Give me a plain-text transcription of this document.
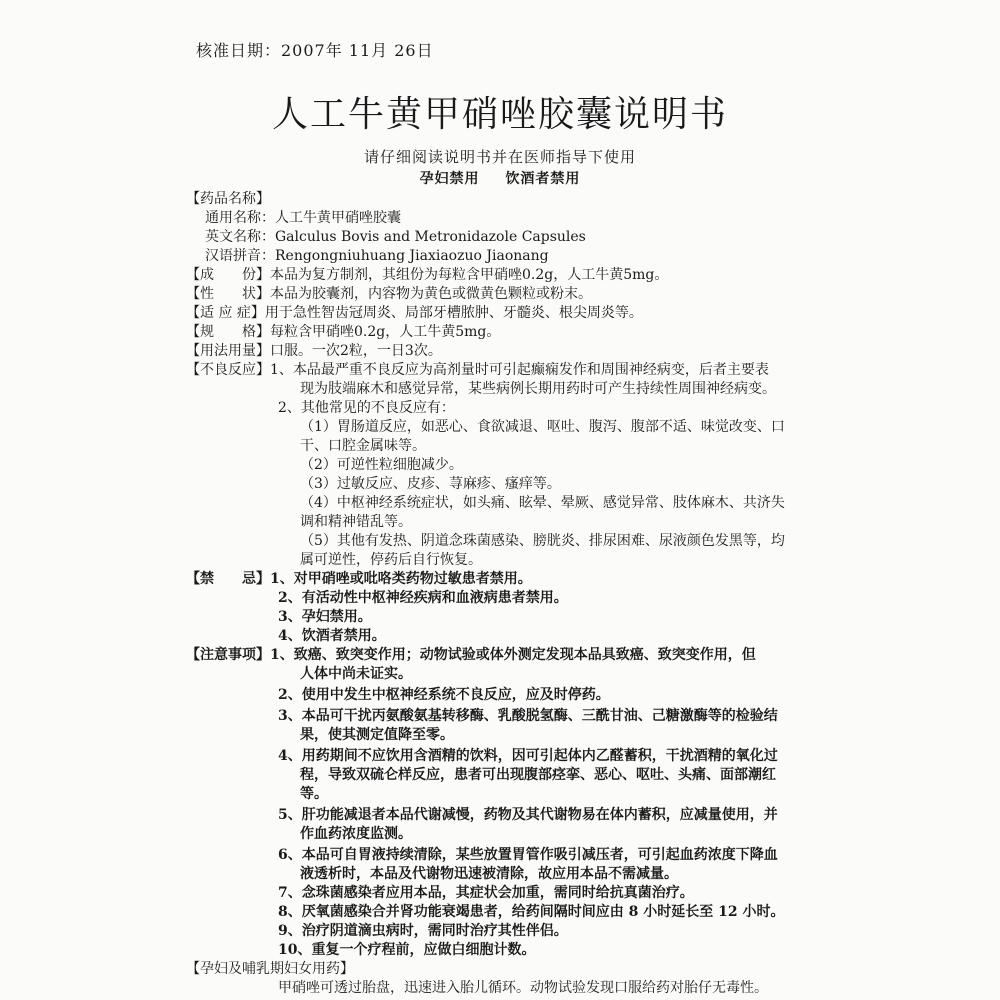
核准日期：2007年 11月 26日
人工牛黄甲硝唑胶囊说明书
请仔细阅读说明书并在医师指导下使用
孕妇禁用 饮酒者禁用
【药品名称】
通用名称：人工牛黄甲硝唑胶囊
英文名称：Galculus Bovis and Metronidazole Capsules
汉语拼音：Rengongniuhuang Jiaxiaozuo Jiaonang
【成　　份】本品为复方制剂，其组份为每粒含甲硝唑0.2g，人工牛黄5mg。
【性　　状】本品为胶囊剂，内容物为黄色或微黄色颗粒或粉末。
【适 应 症】用于急性智齿冠周炎、局部牙槽脓肿、牙髓炎、根尖周炎等。
【规　　格】每粒含甲硝唑0.2g，人工牛黄5mg。
【用法用量】口服。一次2粒，一日3次。
【不良反应】1、本品最严重不良反应为高剂量时可引起癫痫发作和周围神经病变，后者主要表
现为肢端麻木和感觉异常，某些病例长期用药时可产生持续性周围神经病变。
2、其他常见的不良反应有：
（1）胃肠道反应，如恶心、食欲减退、呕吐、腹泻、腹部不适、味觉改变、口
干、口腔金属味等。
（2）可逆性粒细胞减少。
（3）过敏反应、皮疹、荨麻疹、瘙痒等。
（4）中枢神经系统症状，如头痛、眩晕、晕厥、感觉异常、肢体麻木、共济失
调和精神错乱等。
（5）其他有发热、阴道念珠菌感染、膀胱炎、排尿困难、尿液颜色发黑等，均
属可逆性，停药后自行恢复。
【禁　　忌】1、对甲硝唑或吡咯类药物过敏患者禁用。
2、有活动性中枢神经疾病和血液病患者禁用。
3、孕妇禁用。
4、饮酒者禁用。
【注意事项】1、致癌、致突变作用；动物试验或体外测定发现本品具致癌、致突变作用，但
人体中尚未证实。
2、使用中发生中枢神经系统不良反应，应及时停药。
3、本品可干扰丙氨酸氨基转移酶、乳酸脱氢酶、三酰甘油、己糖激酶等的检验结
果，使其测定值降至零。
4、用药期间不应饮用含酒精的饮料，因可引起体内乙醛蓄积，干扰酒精的氧化过
程，导致双硫仑样反应，患者可出现腹部痉挛、恶心、呕吐、头痛、面部潮红
等。
5、肝功能减退者本品代谢减慢，药物及其代谢物易在体内蓄积，应减量使用，并
作血药浓度监测。
6、本品可自胃液持续清除，某些放置胃管作吸引减压者，可引起血药浓度下降血
液透析时，本品及代谢物迅速被清除，故应用本品不需减量。
7、念珠菌感染者应用本品，其症状会加重，需同时给抗真菌治疗。
8、厌氧菌感染合并肾功能衰竭患者，给药间隔时间应由 8 小时延长至 12 小时。
9、治疗阴道滴虫病时，需同时治疗其性伴侣。
10、重复一个疗程前，应做白细胞计数。
【孕妇及哺乳期妇女用药】
甲硝唑可透过胎盘，迅速进入胎儿循环。动物试验发现口服给药对胎仔无毒性。
